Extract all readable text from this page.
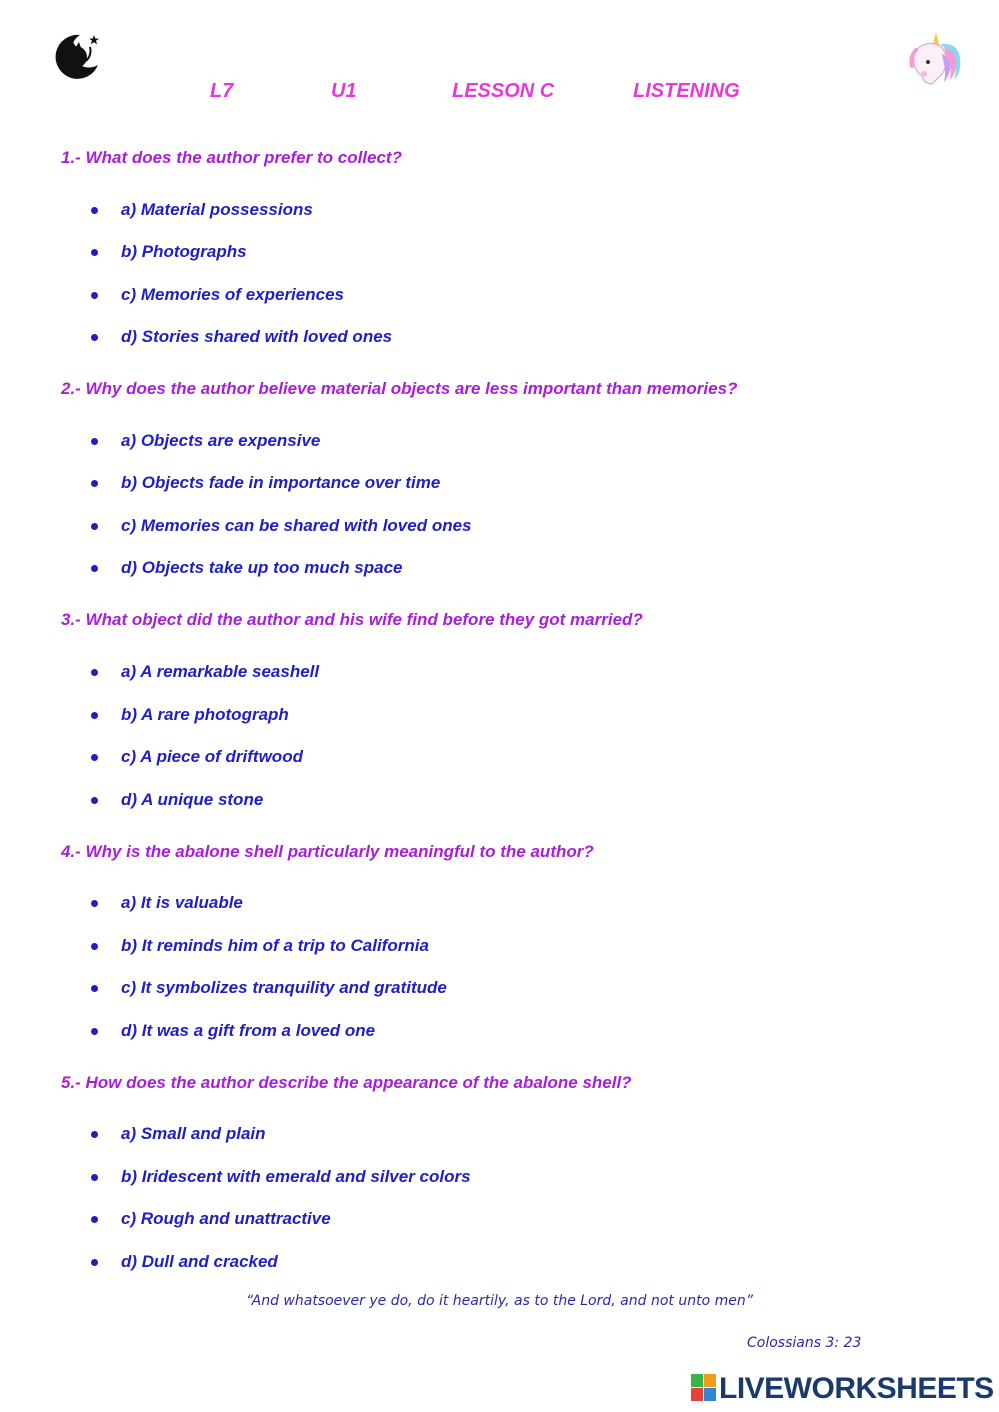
L7	U1	LESSON C	LISTENING
1.- What does the author prefer to collect?
a) Material possessions
b) Photographs
c) Memories of experiences
d) Stories shared with loved ones
2.- Why does the author believe material objects are less important than memories?
a) Objects are expensive
b) Objects fade in importance over time
c) Memories can be shared with loved ones
d) Objects take up too much space
3.- What object did the author and his wife find before they got married?
a) A remarkable seashell
b) A rare photograph
c) A piece of driftwood
d) A unique stone
4.- Why is the abalone shell particularly meaningful to the author?
a) It is valuable
b) It reminds him of a trip to California
c) It symbolizes tranquility and gratitude
d) It was a gift from a loved one
5.- How does the author describe the appearance of the abalone shell?
a) Small and plain
b) Iridescent with emerald and silver colors
c) Rough and unattractive
d) Dull and cracked
“And whatsoever ye do, do it heartily, as to the Lord, and not unto men”
Colossians 3: 23
LIVEWORKSHEETS
